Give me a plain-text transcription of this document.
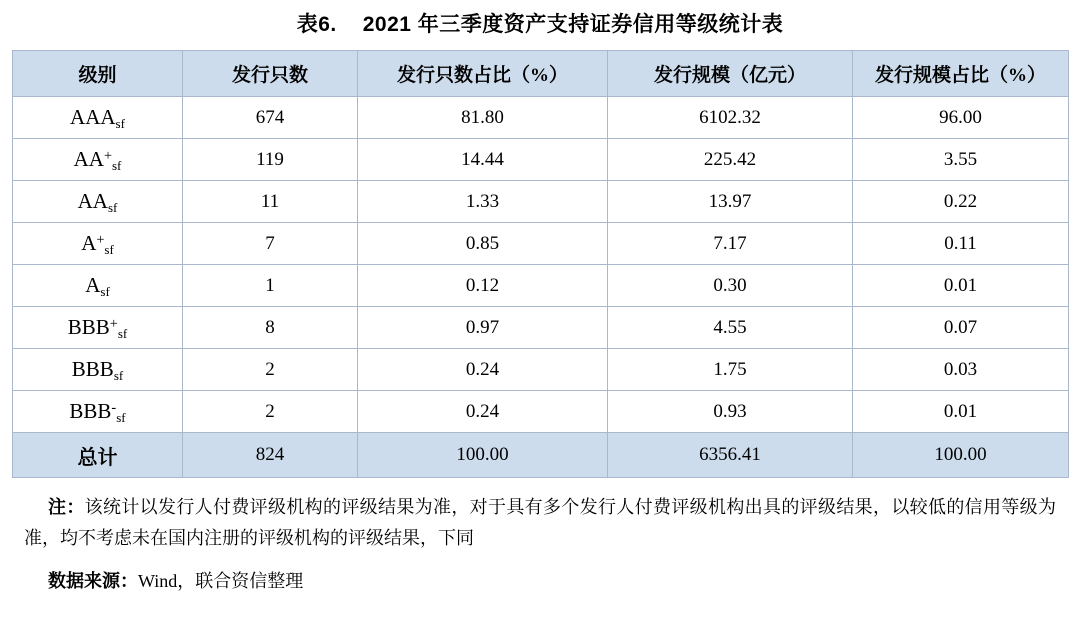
表6. 2021 年三季度资产支持证券信用等级统计表
级别	发行只数	发行只数占比（%）	发行规模（亿元）	发行规模占比（%）
$AAA_{sf}$	674	81.80	6102.32	96.00
$AA^+_{sf}$	119	14.44	225.42	3.55
$AA_{sf}$	11	1.33	13.97	0.22
$A^+_{sf}$	7	0.85	7.17	0.11
$A_{sf}$	1	0.12	0.30	0.01
$BBB^+_{sf}$	8	0.97	4.55	0.07
$BBB_{sf}$	2	0.24	1.75	0.03
$BBB^-_{sf}$	2	0.24	0.93	0.01
总计	824	100.00	6356.41	100.00
注：该统计以发行人付费评级机构的评级结果为准，对于具有多个发行人付费评级机构出具的评级结果，以较低的信用等级为准，均不考虑未在国内注册的评级机构的评级结果，下同
数据来源：Wind，联合资信整理
